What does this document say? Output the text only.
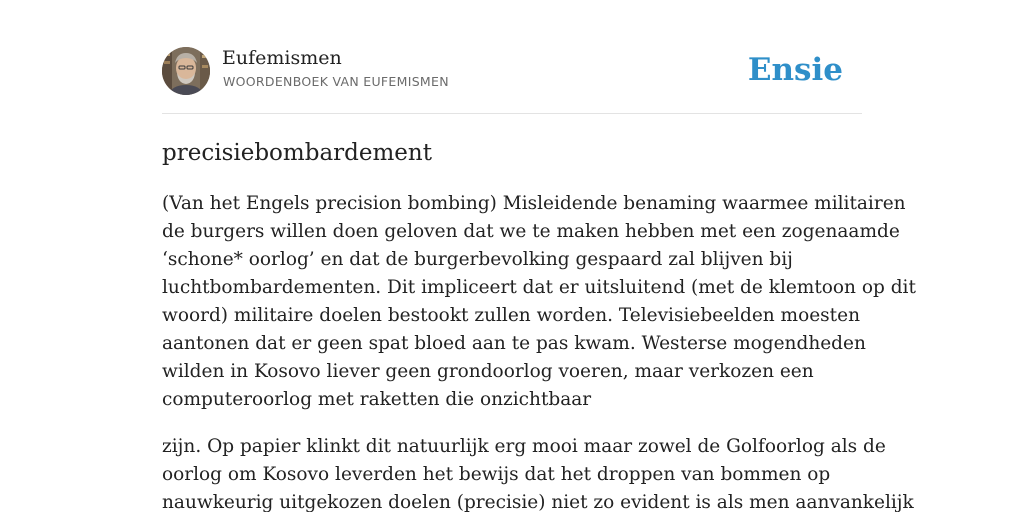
Eufemismen
WOORDENBOEK VAN EUFEMISMEN	Ensie
precisiebombardement

(Van het Engels precision bombing) Misleidende benaming waarmee militairen
de burgers willen doen geloven dat we te maken hebben met een zogenaamde
‘schone* oorlog’ en dat de burgerbevolking gespaard zal blijven bij
luchtbombardementen. Dit impliceert dat er uitsluitend (met de klemtoon op dit
woord) militaire doelen bestookt zullen worden. Televisiebeelden moesten
aantonen dat er geen spat bloed aan te pas kwam. Westerse mogendheden
wilden in Kosovo liever geen grondoorlog voeren, maar verkozen een
computeroorlog met raketten die onzichtbaar

zijn. Op papier klinkt dit natuurlijk erg mooi maar zowel de Golfoorlog als de
oorlog om Kosovo leverden het bewijs dat het droppen van bommen op
nauwkeurig uitgekozen doelen (precisie) niet zo evident is als men aanvankelijk
